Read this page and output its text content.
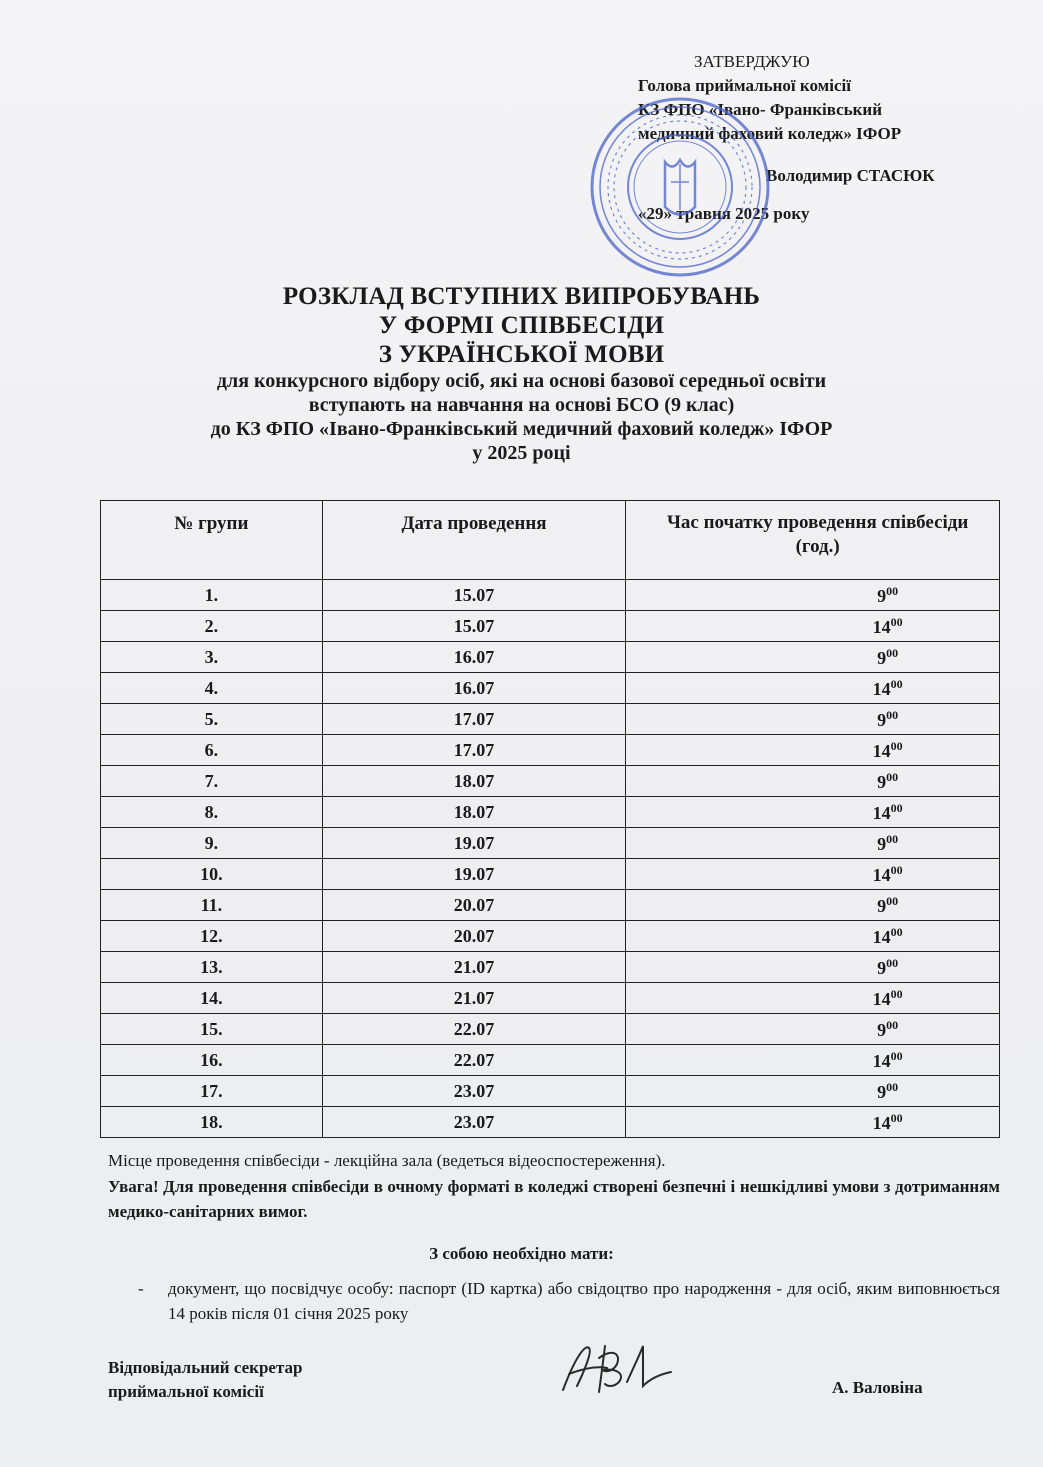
ЗАТВЕРДЖУЮ
Голова приймальної комісії
КЗ ФПО «Івано- Франківський
медичний фаховий коледж» ІФОР
Володимир СТАСЮК
«29» травня 2025 року
РОЗКЛАД ВСТУПНИХ ВИПРОБУВАНЬ
У ФОРМІ СПІВБЕСІДИ
З УКРАЇНСЬКОЇ МОВИ
для конкурсного відбору осіб, які на основі базової середньої освіти
вступають на навчання на основі БСО (9 клас)
до КЗ ФПО «Івано-Франківський медичний фаховий коледж» ІФОР
у 2025 році
№ групи	Дата проведення	Час початку проведення співбесіди (год.)
1.	15.07	$9^{00}$
2.	15.07	$14^{00}$
3.	16.07	$9^{00}$
4.	16.07	$14^{00}$
5.	17.07	$9^{00}$
6.	17.07	$14^{00}$
7.	18.07	$9^{00}$
8.	18.07	$14^{00}$
9.	19.07	$9^{00}$
10.	19.07	$14^{00}$
11.	20.07	$9^{00}$
12.	20.07	$14^{00}$
13.	21.07	$9^{00}$
14.	21.07	$14^{00}$
15.	22.07	$9^{00}$
16.	22.07	$14^{00}$
17.	23.07	$9^{00}$
18.	23.07	$14^{00}$
Місце проведення співбесіди - лекційна зала (ведеться відеоспостереження).
Увага! Для проведення співбесіди в очному форматі в коледжі створені безпечні і нешкідливі умови з дотриманням медико-санітарних вимог.
З собою необхідно мати:
-	документ, що посвідчує особу: паспорт (ID картка) або свідоцтво про народження - для осіб, яким виповнюється 14 років після 01 січня 2025 року
Відповідальний секретар
приймальної комісії	А. Валовіна
